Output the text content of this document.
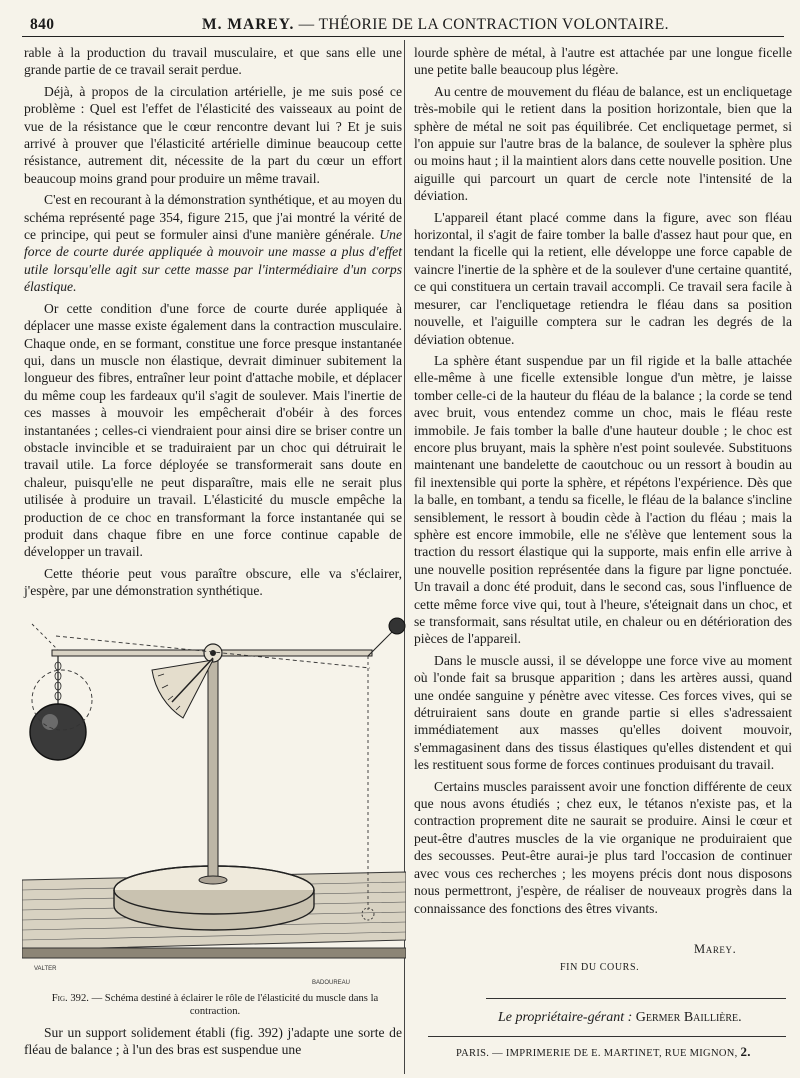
840	M. MAREY. — THÉORIE DE LA CONTRACTION VOLONTAIRE.

rable à la production du travail musculaire, et que sans elle une grande partie de ce travail serait perdue.

Déjà, à propos de la circulation artérielle, je me suis posé ce problème : Quel est l'effet de l'élasticité des vaisseaux au point de vue de la résistance que le cœur rencontre devant lui ? Et je suis arrivé à prouver que l'élasticité artérielle diminue beaucoup cette résistance, autrement dit, nécessite de la part du cœur un effort beaucoup moins grand pour produire un même travail.

C'est en recourant à la démonstration synthétique, et au moyen du schéma représenté page 354, figure 215, que j'ai montré la vérité de ce principe, qui peut se formuler ainsi d'une manière générale. Une force de courte durée appliquée à mouvoir une masse a plus d'effet utile lorsqu'elle agit sur cette masse par l'intermédiaire d'un corps élastique.

Or cette condition d'une force de courte durée appliquée à déplacer une masse existe également dans la contraction musculaire. Chaque onde, en se formant, constitue une force presque instantanée qui, dans un muscle non élastique, devrait diminuer subitement la longueur des fibres, entraîner leur point d'attache mobile, et déplacer du même coup les fardeaux qu'il s'agit de soulever. Mais l'inertie de ces masses à mouvoir les empêcherait d'obéir à des forces instantanées ; celles-ci viendraient pour ainsi dire se briser contre un obstacle invincible et se traduiraient par un choc qui détruirait le travail utile. La force déployée se transformerait sans doute en chaleur, puisqu'elle ne peut disparaître, mais elle ne serait plus utilisée à produire un travail. L'élasticité du muscle empêche la production de ce choc en transformant la force instantanée qui se produit dans chaque fibre en une force continue capable de développer un travail.

Cette théorie peut vous paraître obscure, elle va s'éclairer, j'espère, par une démonstration synthétique.

VALTER
BADOUREAU
Fig. 392. — Schéma destiné à éclairer le rôle de l'élasticité du muscle dans la contraction.
Sur un support solidement établi (fig. 392) j'adapte une sorte de fléau de balance ; à l'un des bras est suspendue une

lourde sphère de métal, à l'autre est attachée par une longue ficelle une petite balle beaucoup plus légère.

Au centre de mouvement du fléau de balance, est un encliquetage très-mobile qui le retient dans la position horizontale, bien que la sphère de métal ne soit pas équilibrée. Cet encliquetage permet, si l'on appuie sur l'autre bras de la balance, de soulever la sphère plus ou moins haut ; il la maintient alors dans cette nouvelle position. Une aiguille qui parcourt un quart de cercle note l'intensité de la déviation.

L'appareil étant placé comme dans la figure, avec son fléau horizontal, il s'agit de faire tomber la balle d'assez haut pour que, en tendant la ficelle qui la retient, elle développe une force capable de vaincre l'inertie de la sphère et de la soulever d'une certaine quantité, ce qui constituera un certain travail accompli. Ce travail sera facile à mesurer, car l'encliquetage retiendra le fléau dans sa position nouvelle, et l'aiguille comptera sur le cadran les degrés de la déviation obtenue.

La sphère étant suspendue par un fil rigide et la balle attachée elle-même à une ficelle extensible longue d'un mètre, je laisse tomber celle-ci de la hauteur du fléau de la balance ; la corde se tend avec bruit, vous entendez comme un choc, mais le fléau reste immobile. Je fais tomber la balle d'une hauteur double ; le choc est encore plus bruyant, mais la sphère n'est point soulevée. Substituons maintenant une bandelette de caoutchouc ou un ressort à boudin au fil inextensible qui porte la sphère, et répétons l'expérience. Dès que la balle, en tombant, a tendu sa ficelle, le fléau de la balance s'incline sensiblement, le ressort à boudin cède à l'action du fléau ; mais la sphère est encore immobile, elle ne s'élève que lentement sous la traction du ressort élastique qui la supporte, mais enfin elle arrive à une nouvelle position représentée dans la figure par ligne ponctuée. Un travail a donc été produit, dans le second cas, sous l'influence de cette même force vive qui, tout à l'heure, s'éteignait dans un choc, et se transformait, sans résultat utile, en chaleur ou en détérioration des pièces de l'appareil.

Dans le muscle aussi, il se développe une force vive au moment où l'onde fait sa brusque apparition ; dans les artères aussi, quand une ondée sanguine y pénètre avec vitesse. Ces forces vives, qui se détruiraient sans doute en grande partie si elles s'adressaient immédiatement aux masses qu'elles doivent mouvoir, s'emmagasinent dans des tissus élastiques qu'elles distendent et qui les restituent sous forme de forces continues produisant du travail.

Certains muscles paraissent avoir une fonction différente de ceux que nous avons étudiés ; chez eux, le tétanos n'existe pas, et la contraction proprement dite ne saurait se produire. Ainsi le cœur et peut-être d'autres muscles de la vie organique ne produiraient que des secousses. Peut-être aurai-je plus tard l'occasion de continuer avec vous ces recherches ; les moyens précis dont nous disposons nous permettront, j'espère, de réaliser de nouveaux progrès dans la connaissance des fonctions des êtres vivants.

Marey.
FIN DU COURS.
Le propriétaire-gérant : Germer Baillière.
PARIS. — IMPRIMERIE DE E. MARTINET, RUE MIGNON, 2.
